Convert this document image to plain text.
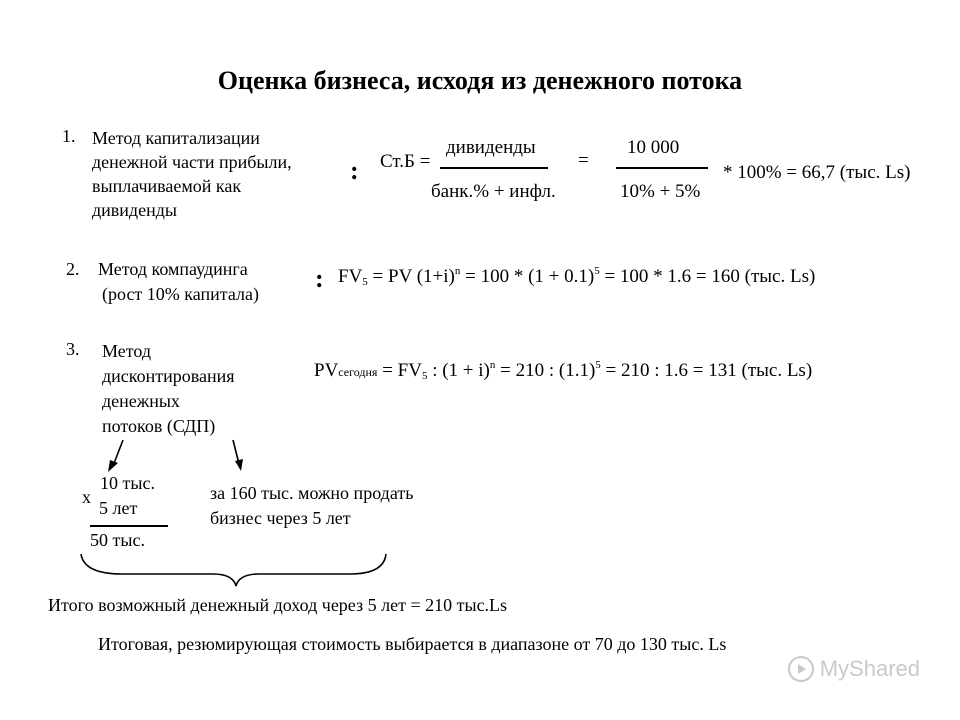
Оценка бизнеса, исходя из денежного потока
1. Метод капитализации
денежной части прибыли,
выплачиваемой как
дивиденды
: Ст.Б =
дивиденды
банк.% + инфл.
=
10 000
10% + 5%
* 100% = 66,7 (тыс. Ls)
2. Метод компаудинга
(рост 10% капитала)
: $FV_5$ = PV $(1+i)^n = 100 * (1 + 0.1)^5 = 100 * 1.6 = 160$ (тыс. Ls)
3. Метод
дисконтирования
денежных
потоков (СДП)
PVсегодня = $FV_5$ : $(1 + i)^n = 210$ : $(1.1)^5 = 210$ : 1.6 = 131 (тыс. Ls)
x
10 тыс.
5 лет
50 тыс.
за 160 тыс. можно продать
бизнес через 5 лет
Итого возможный денежный доход через 5 лет = 210 тыс.Ls
Итоговая, резюмирующая стоимость выбирается в диапазоне от 70 до 130 тыс. Ls
MyShared
